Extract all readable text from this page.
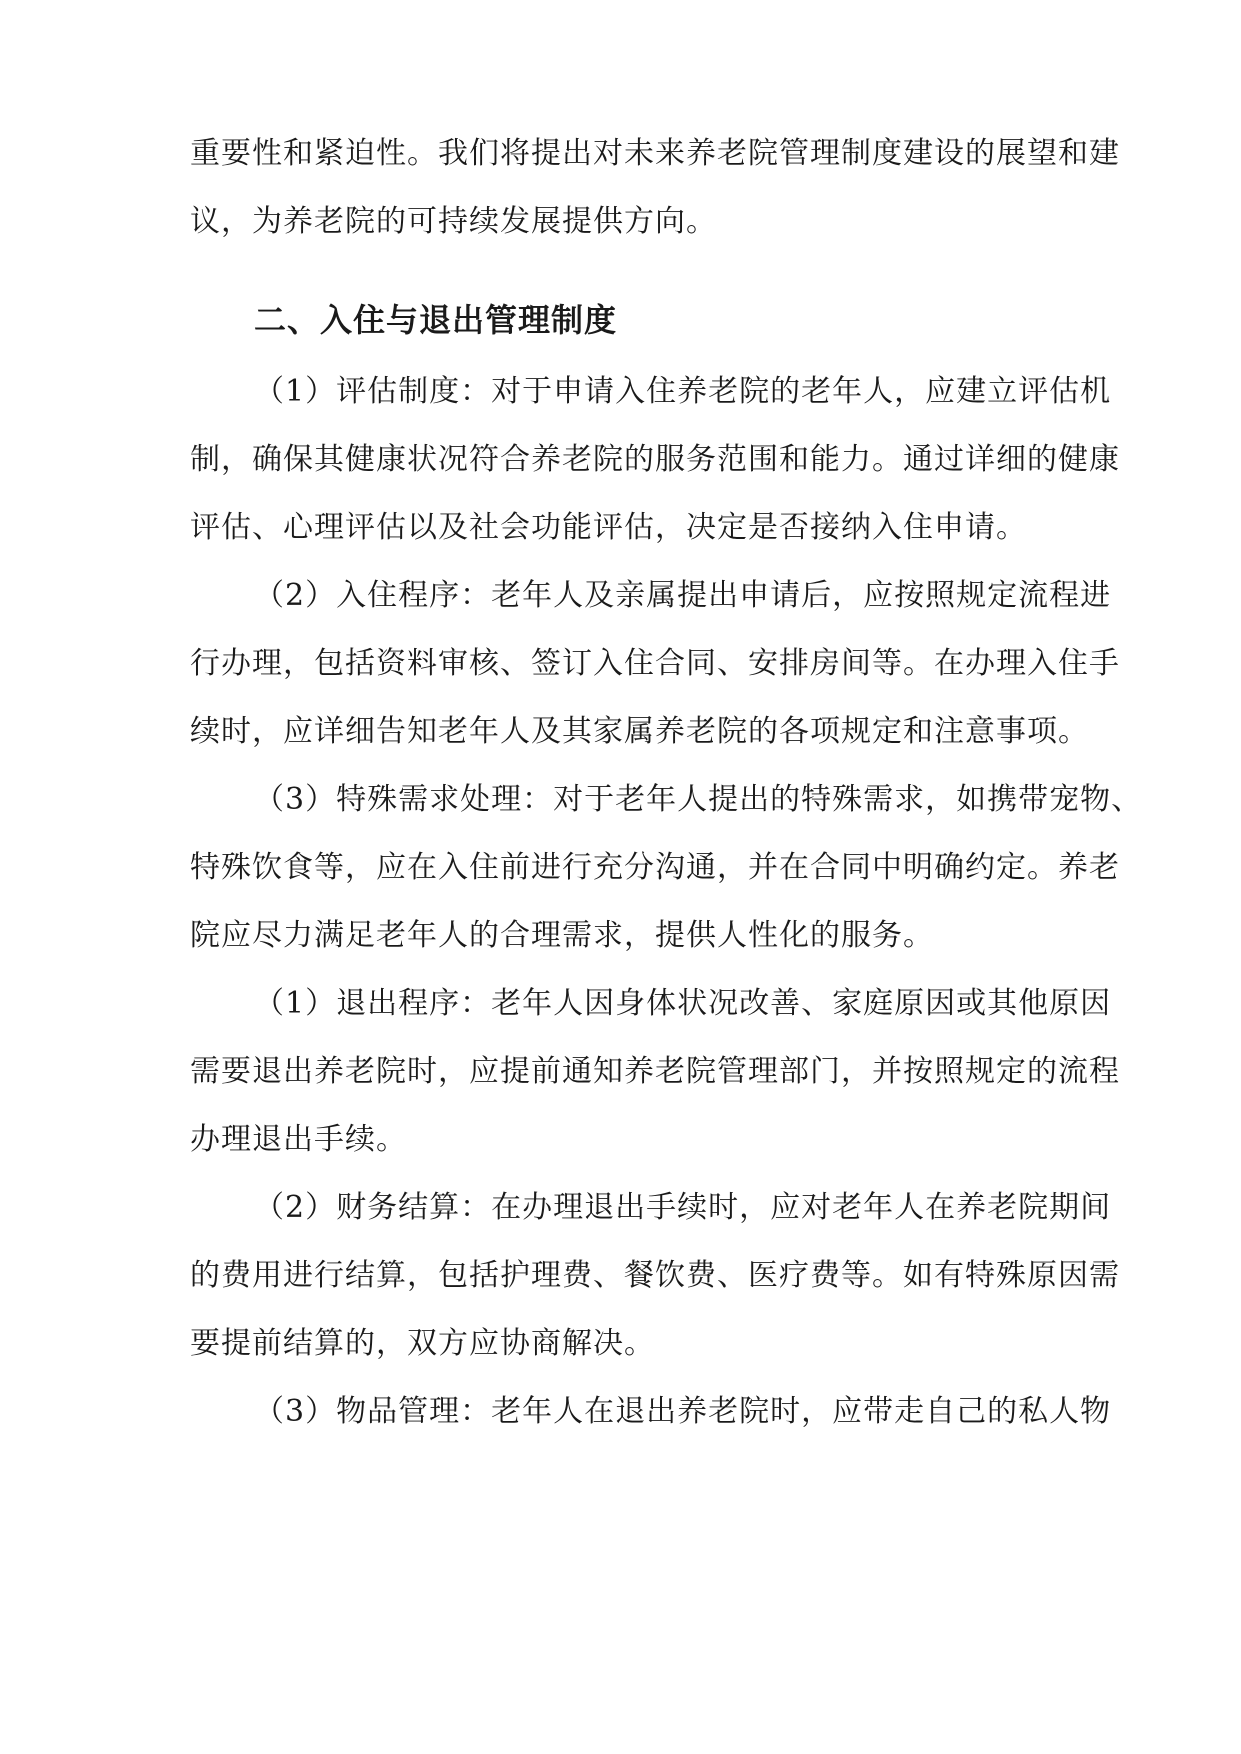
重要性和紧迫性。我们将提出对未来养老院管理制度建设的展望和建
议，为养老院的可持续发展提供方向。
二、入住与退出管理制度
（1）评估制度：对于申请入住养老院的老年人，应建立评估机
制，确保其健康状况符合养老院的服务范围和能力。通过详细的健康
评估、心理评估以及社会功能评估，决定是否接纳入住申请。
（2）入住程序：老年人及亲属提出申请后，应按照规定流程进
行办理，包括资料审核、签订入住合同、安排房间等。在办理入住手
续时，应详细告知老年人及其家属养老院的各项规定和注意事项。
（3）特殊需求处理：对于老年人提出的特殊需求，如携带宠物、
特殊饮食等，应在入住前进行充分沟通，并在合同中明确约定。养老
院应尽力满足老年人的合理需求，提供人性化的服务。
（1）退出程序：老年人因身体状况改善、家庭原因或其他原因
需要退出养老院时，应提前通知养老院管理部门，并按照规定的流程
办理退出手续。
（2）财务结算：在办理退出手续时，应对老年人在养老院期间
的费用进行结算，包括护理费、餐饮费、医疗费等。如有特殊原因需
要提前结算的，双方应协商解决。
（3）物品管理：老年人在退出养老院时，应带走自己的私人物
